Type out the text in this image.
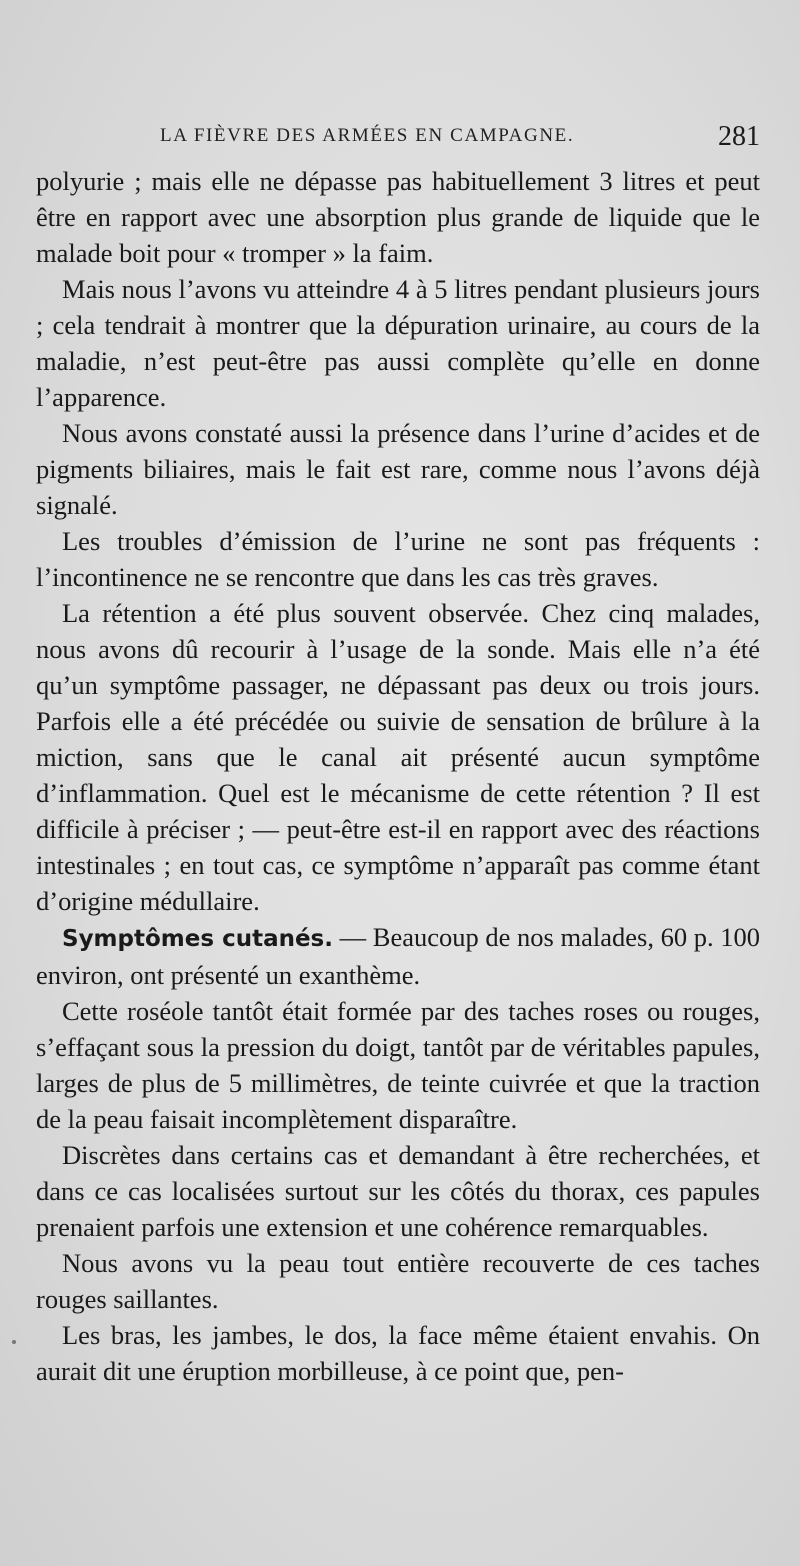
LA FIÈVRE DES ARMÉES EN CAMPAGNE.	281

polyurie ; mais elle ne dépasse pas habituellement 3 litres et peut être en rapport avec une absorption plus grande de liquide que le malade boit pour « tromper » la faim.

Mais nous l’avons vu atteindre 4 à 5 litres pendant plusieurs jours ; cela tendrait à montrer que la dépuration urinaire, au cours de la maladie, n’est peut-être pas aussi complète qu’elle en donne l’apparence.

Nous avons constaté aussi la présence dans l’urine d’acides et de pigments biliaires, mais le fait est rare, comme nous l’avons déjà signalé.

Les troubles d’émission de l’urine ne sont pas fréquents : l’incontinence ne se rencontre que dans les cas très graves.

La rétention a été plus souvent observée. Chez cinq malades, nous avons dû recourir à l’usage de la sonde. Mais elle n’a été qu’un symptôme passager, ne dépassant pas deux ou trois jours. Parfois elle a été précédée ou suivie de sensation de brûlure à la miction, sans que le canal ait présenté aucun symptôme d’inflammation. Quel est le mécanisme de cette rétention ? Il est difficile à préciser ; — peut-être est-il en rapport avec des réactions intestinales ; en tout cas, ce symptôme n’apparaît pas comme étant d’origine médullaire.

Symptômes cutanés. — Beaucoup de nos malades, 60 p. 100 environ, ont présenté un exanthème.

Cette roséole tantôt était formée par des taches roses ou rouges, s’effaçant sous la pression du doigt, tantôt par de véritables papules, larges de plus de 5 millimètres, de teinte cuivrée et que la traction de la peau faisait incomplètement disparaître.

Discrètes dans certains cas et demandant à être recherchées, et dans ce cas localisées surtout sur les côtés du thorax, ces papules prenaient parfois une extension et une cohérence remarquables.

Nous avons vu la peau tout entière recouverte de ces taches rouges saillantes.

Les bras, les jambes, le dos, la face même étaient envahis. On aurait dit une éruption morbilleuse, à ce point que, pen-
